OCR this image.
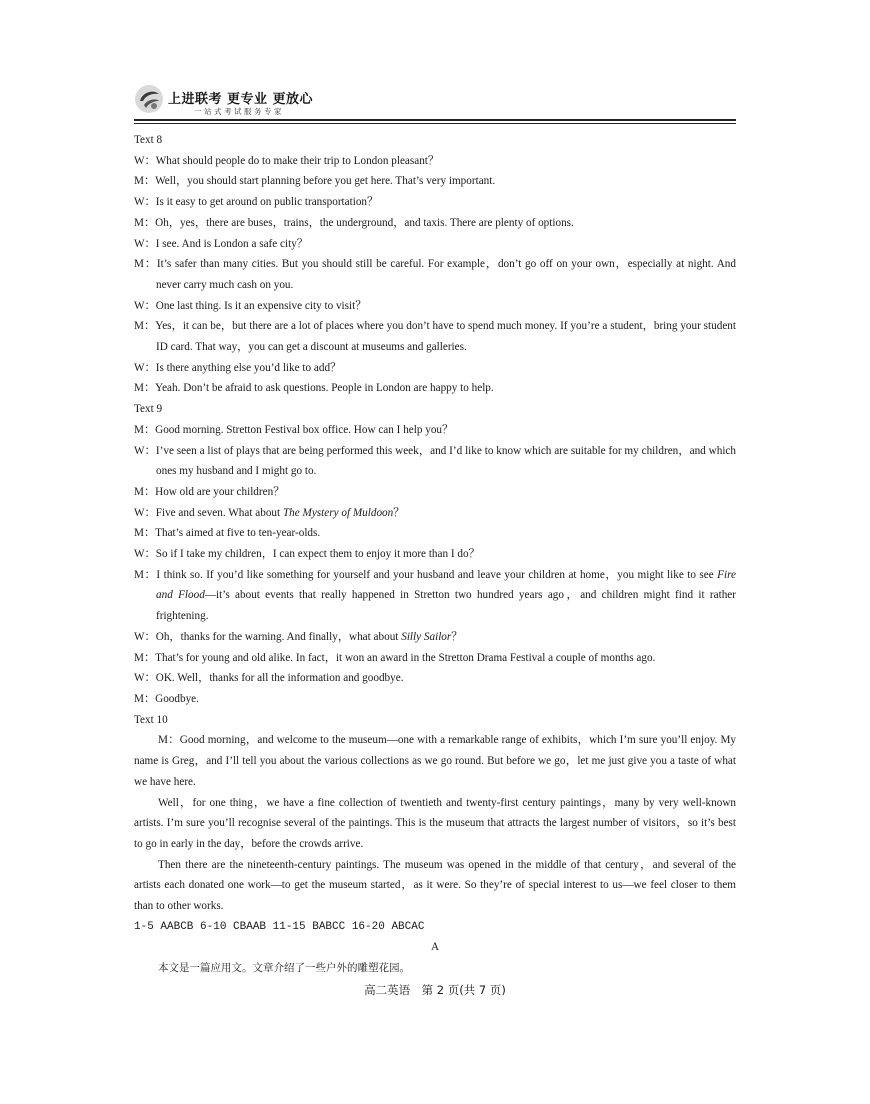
上进联考 更专业 更放心
一站式考试服务专家

Text 8

W：What should people do to make their trip to London pleasant？

M：Well，you should start planning before you get here. That’s very important.

W：Is it easy to get around on public transportation？

M：Oh，yes，there are buses，trains，the underground，and taxis. There are plenty of options.

W：I see. And is London a safe city？

M：It’s safer than many cities. But you should still be careful. For example，don’t go off on your own，especially at night. And never carry much cash on you.

W：One last thing. Is it an expensive city to visit？

M：Yes，it can be，but there are a lot of places where you don’t have to spend much money. If you’re a student，bring your student ID card. That way，you can get a discount at museums and galleries.

W：Is there anything else you’d like to add？

M：Yeah. Don’t be afraid to ask questions. People in London are happy to help.

Text 9

M：Good morning. Stretton Festival box office. How can I help you？

W：I’ve seen a list of plays that are being performed this week，and I’d like to know which are suitable for my children，and which ones my husband and I might go to.

M：How old are your children？

W：Five and seven. What about The Mystery of Muldoon？

M：That’s aimed at five to ten-year-olds.

W：So if I take my children，I can expect them to enjoy it more than I do？

M：I think so. If you’d like something for yourself and your husband and leave your children at home，you might like to see Fire and Flood—it’s about events that really happened in Stretton two hundred years ago，and children might find it rather frightening.

W：Oh，thanks for the warning. And finally，what about Silly Sailor？

M：That’s for young and old alike. In fact，it won an award in the Stretton Drama Festival a couple of months ago.

W：OK. Well，thanks for all the information and goodbye.

M：Goodbye.

Text 10

M：Good morning，and welcome to the museum—one with a remarkable range of exhibits，which I’m sure you’ll enjoy. My name is Greg，and I’ll tell you about the various collections as we go round. But before we go，let me just give you a taste of what we have here.

Well，for one thing，we have a fine collection of twentieth and twenty-first century paintings，many by very well-known artists. I’m sure you’ll recognise several of the paintings. This is the museum that attracts the largest number of visitors，so it’s best to go in early in the day，before the crowds arrive.

Then there are the nineteenth-century paintings. The museum was opened in the middle of that century，and several of the artists each donated one work—to get the museum started，as it were. So they’re of special interest to us—we feel closer to them than to other works.

1-5 AABCB 6-10 CBAAB 11-15 BABCC 16-20 ABCAC

A

本文是一篇应用文。文章介绍了一些户外的雕塑花园。

高二英语　第 2 页(共 7 页)
